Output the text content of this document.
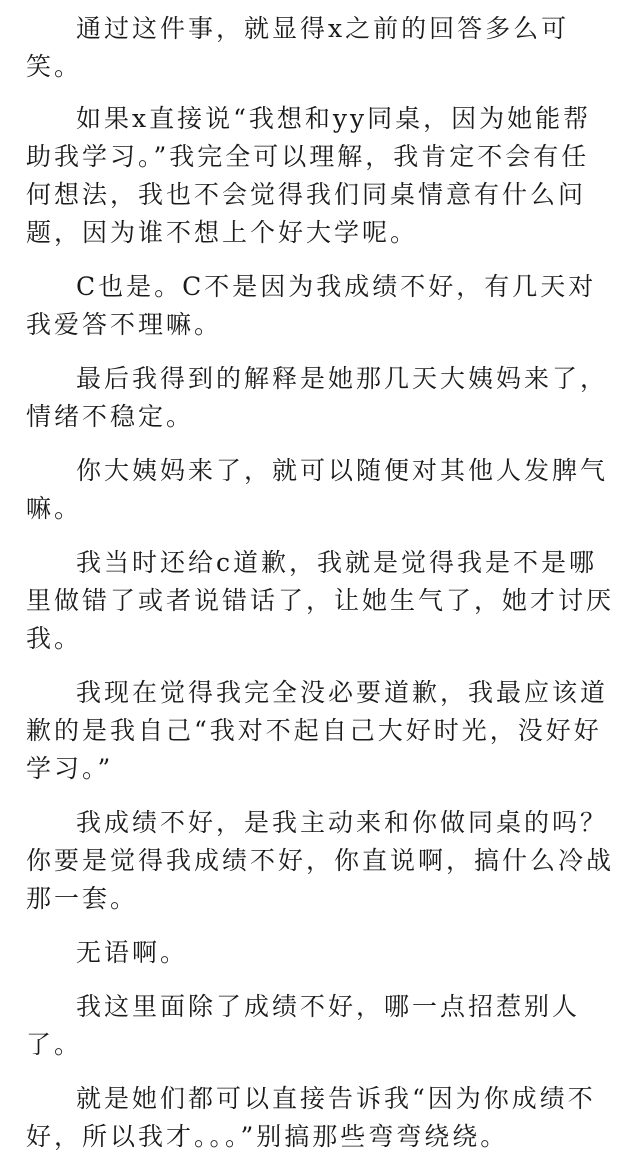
通过这件事，就显得x之前的回答多么可笑。

如果x直接说“我想和yy同桌，因为她能帮助我学习。”我完全可以理解，我肯定不会有任何想法，我也不会觉得我们同桌情意有什么问题，因为谁不想上个好大学呢。

C也是。C不是因为我成绩不好，有几天对我爱答不理嘛。

最后我得到的解释是她那几天大姨妈来了，情绪不稳定。

你大姨妈来了，就可以随便对其他人发脾气嘛。

我当时还给c道歉，我就是觉得我是不是哪里做错了或者说错话了，让她生气了，她才讨厌我。

我现在觉得我完全没必要道歉，我最应该道歉的是我自己“我对不起自己大好时光，没好好学习。”

我成绩不好，是我主动来和你做同桌的吗？你要是觉得我成绩不好，你直说啊，搞什么冷战那一套。

无语啊。

我这里面除了成绩不好，哪一点招惹别人了。

就是她们都可以直接告诉我“因为你成绩不好，所以我才。。。”别搞那些弯弯绕绕。
